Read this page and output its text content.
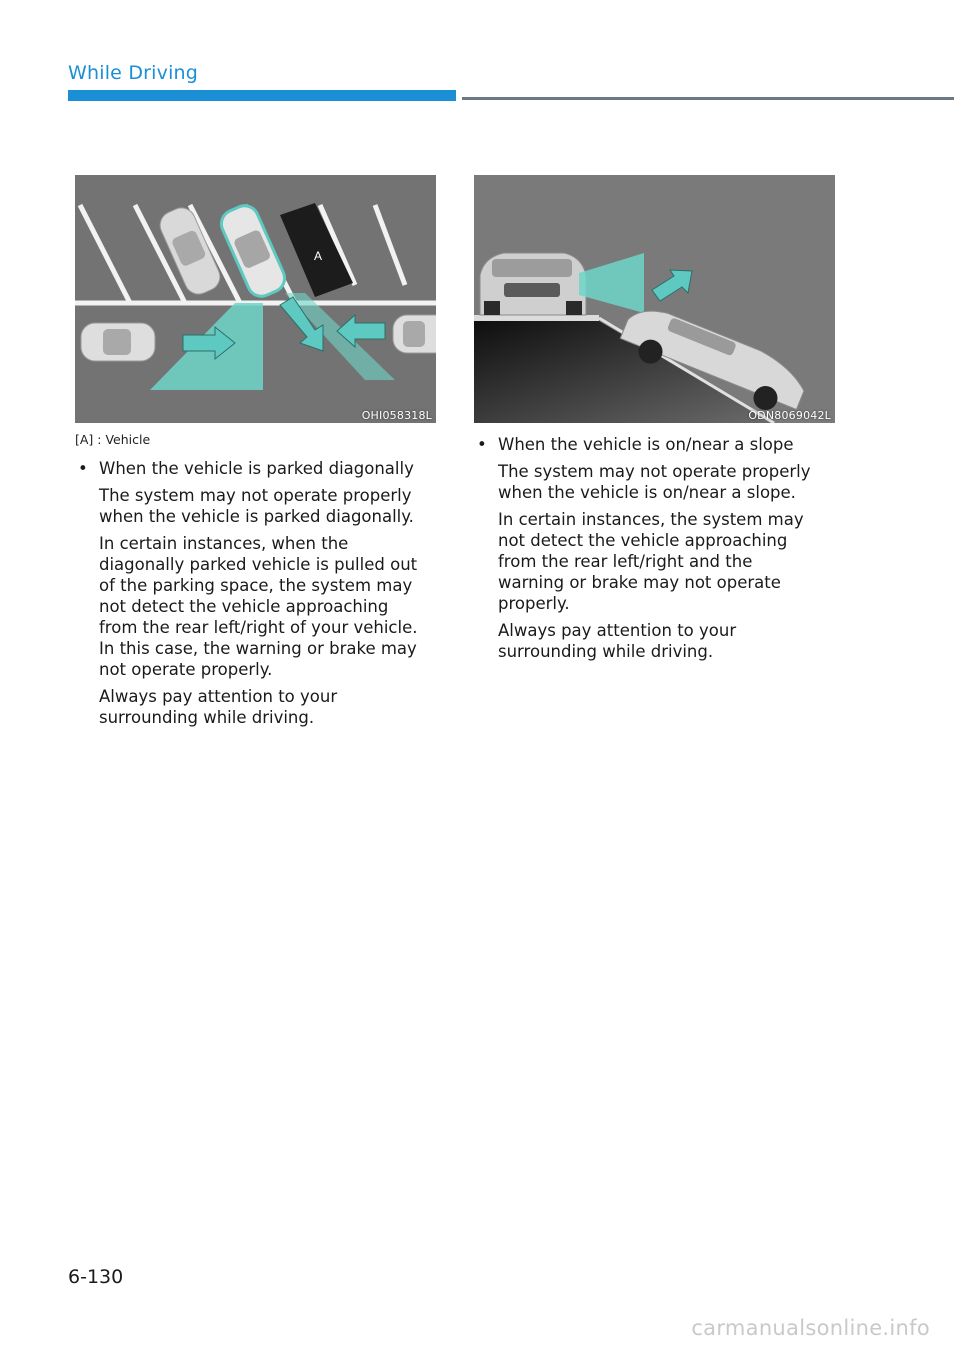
While Driving
A
OHI058318L	ODN8069042L
[A] : Vehicle
• When the vehicle is parked diagonally

The system may not operate properly when the vehicle is parked diagonally.

In certain instances, when the diagonally parked vehicle is pulled out of the parking space, the system may not detect the vehicle approaching from the rear left/right of your vehicle. In this case, the warning or brake may not operate properly.

Always pay attention to your surrounding while driving.

• When the vehicle is on/near a slope

The system may not operate properly when the vehicle is on/near a slope.

In certain instances, the system may not detect the vehicle approaching from the rear left/right and the warning or brake may not operate properly.

Always pay attention to your surrounding while driving.

6-130
carmanualsonline.info
